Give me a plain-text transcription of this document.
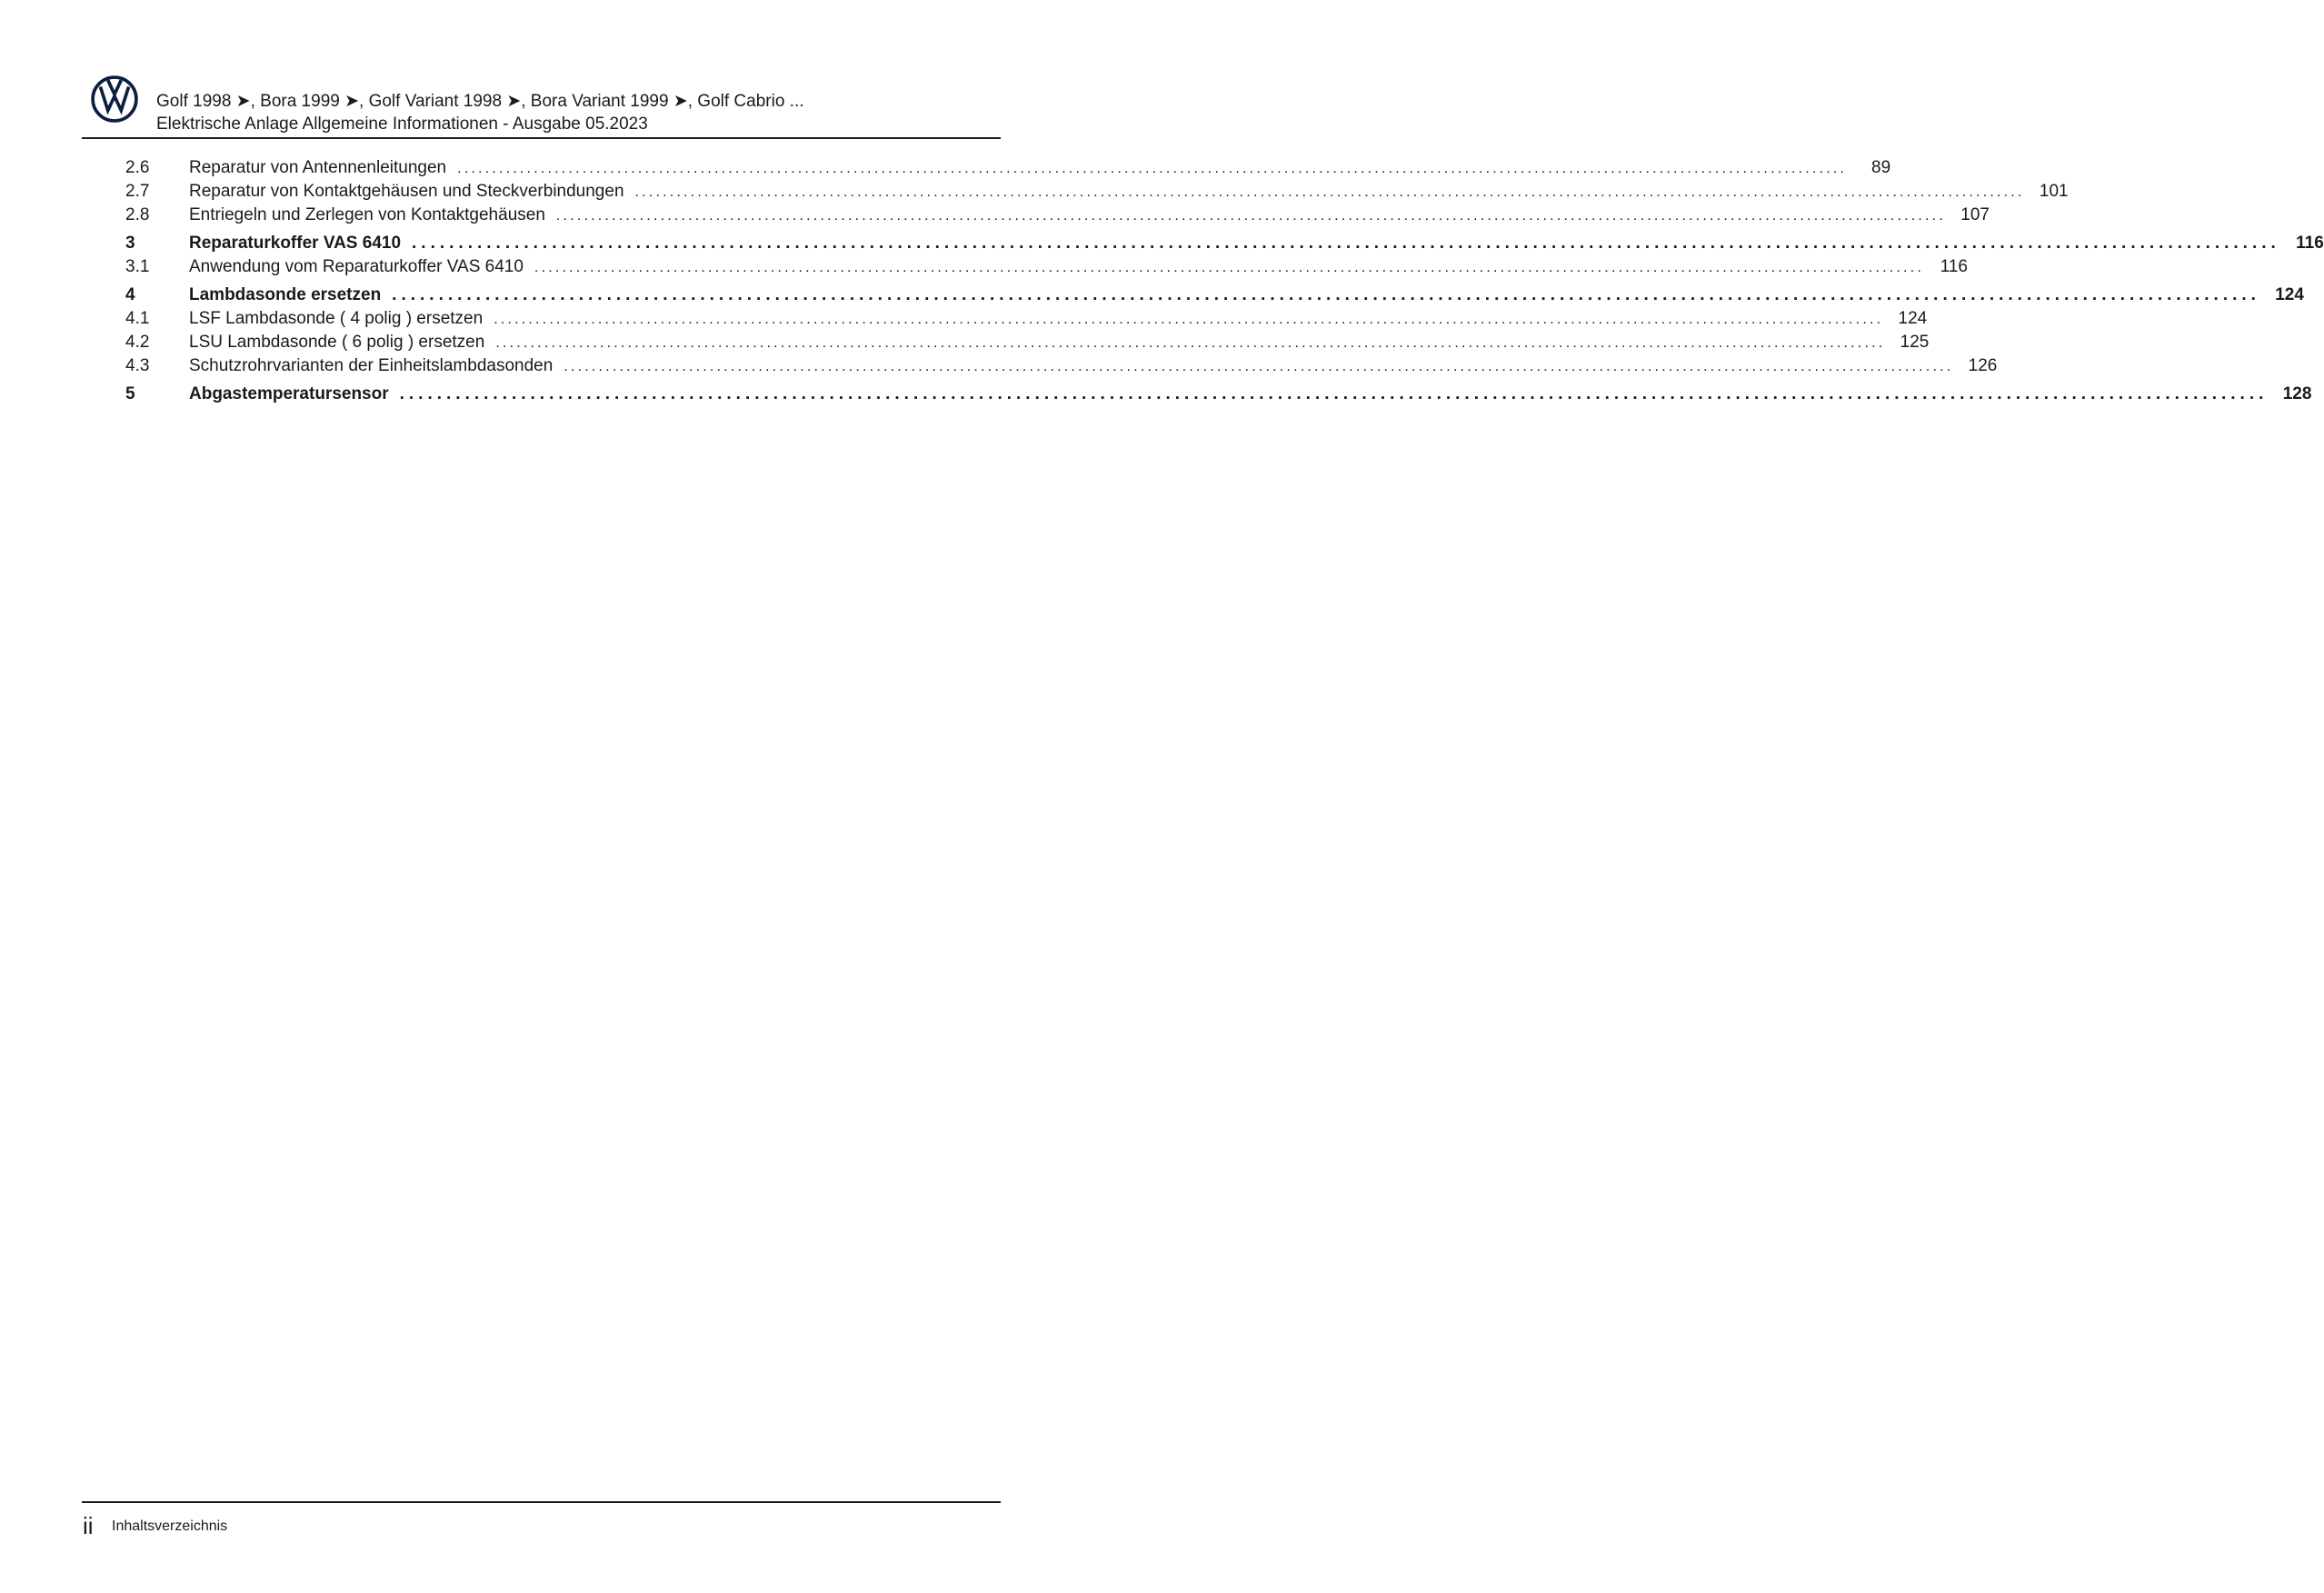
Golf 1998 ➤, Bora 1999 ➤, Golf Variant 1998 ➤, Bora Variant 1999 ➤, Golf Cabrio ...
Elektrische Anlage Allgemeine Informationen - Ausgabe 05.2023
2.6	Reparatur von Antennenleitungen ........................................................................................................................................................................................................	89
2.7	Reparatur von Kontaktgehäusen und Steckverbindungen ........................................................................................................................................................................................................ 101
2.8	Entriegeln und Zerlegen von Kontaktgehäusen ........................................................................................................................................................................................................ 107
3	Reparaturkoffer VAS 6410 ........................................................................................................................................................................................................ 116
3.1	Anwendung vom Reparaturkoffer VAS 6410 ........................................................................................................................................................................................................ 116
4	Lambdasonde ersetzen ........................................................................................................................................................................................................ 124
4.1	LSF Lambdasonde ( 4 polig ) ersetzen ........................................................................................................................................................................................................ 124
4.2	LSU Lambdasonde ( 6 polig ) ersetzen ........................................................................................................................................................................................................ 125
4.3	Schutzrohrvarianten der Einheitslambdasonden ........................................................................................................................................................................................................ 126
5	Abgastemperatursensor ........................................................................................................................................................................................................ 128
ii Inhaltsverzeichnis
